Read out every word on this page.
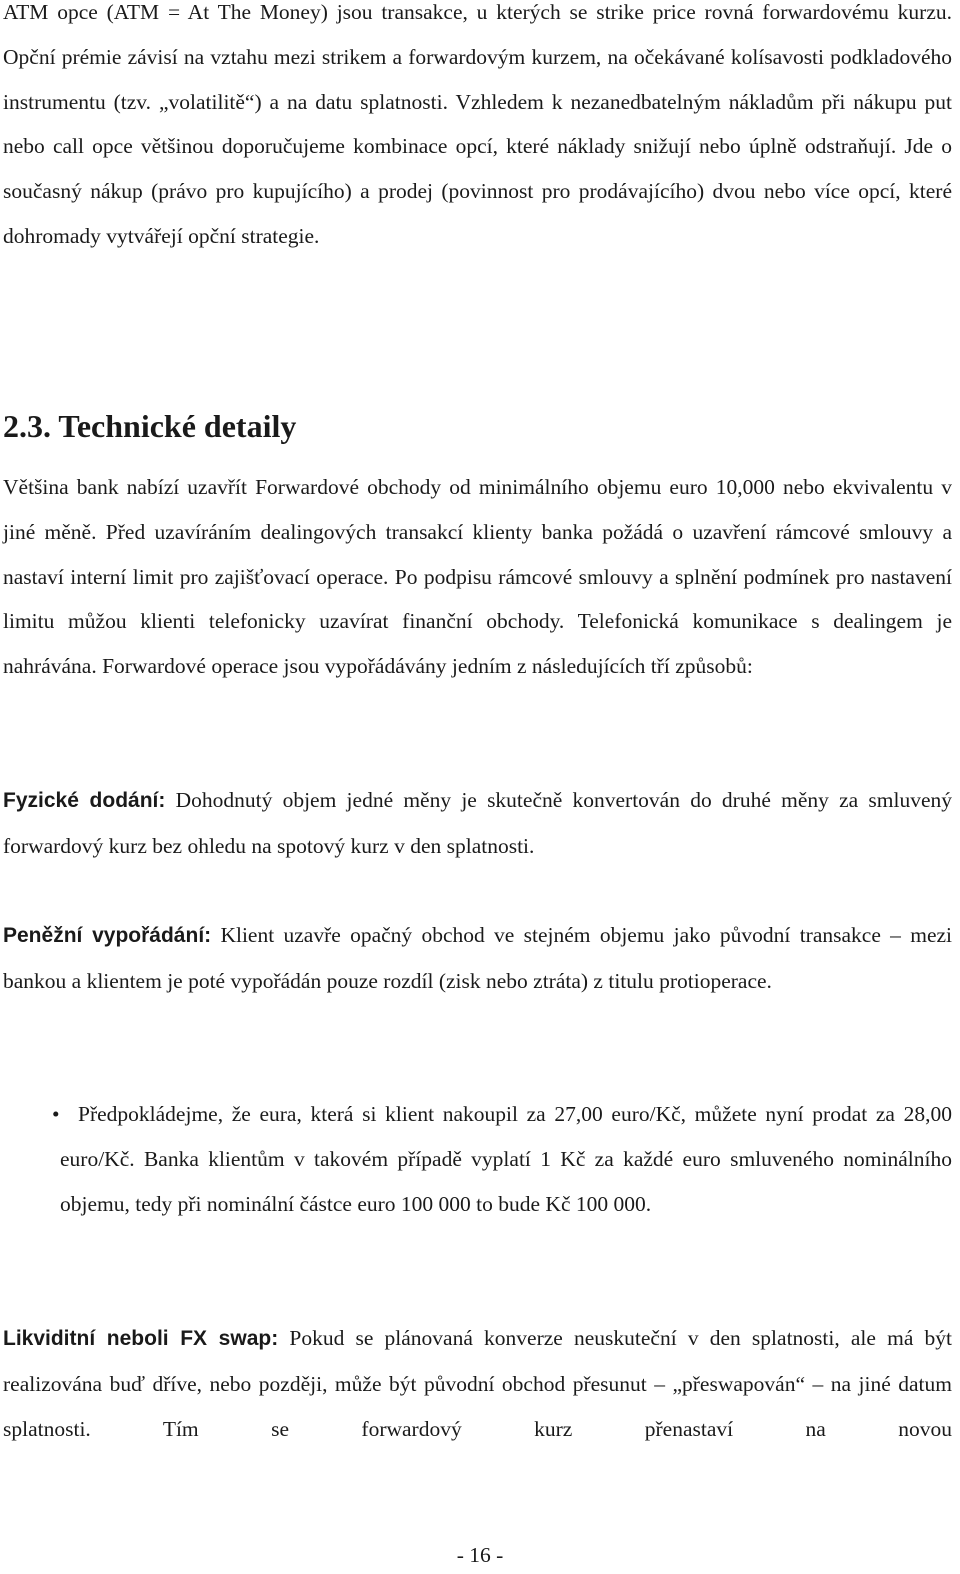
ATM opce (ATM = At The Money) jsou transakce, u kterých se strike price rovná forwardovému kurzu. Opční prémie závisí na vztahu mezi strikem a forwardovým kurzem, na očekávané kolísavosti podkladového instrumentu (tzv. „volatilitě“) a na datu splatnosti. Vzhledem k nezanedbatelným nákladům při nákupu put nebo call opce většinou doporučujeme kombinace opcí, které náklady snižují nebo úplně odstraňují. Jde o současný nákup (právo pro kupujícího) a prodej (povinnost pro prodávajícího) dvou nebo více opcí, které dohromady vytvářejí opční strategie.

2.3. Technické detaily

Většina bank nabízí uzavřít Forwardové obchody od minimálního objemu euro 10,000 nebo ekvivalentu v jiné měně. Před uzavíráním dealingových transakcí klienty banka požádá o uzavření rámcové smlouvy a nastaví interní limit pro zajišťovací operace. Po podpisu rámcové smlouvy a splnění podmínek pro nastavení limitu můžou klienti telefonicky uzavírat finanční obchody. Telefonická komunikace s dealingem je nahrávána. Forwardové operace jsou vypořádávány jedním z následujících tří způsobů:

Fyzické dodání: Dohodnutý objem jedné měny je skutečně konvertován do druhé měny za smluvený forwardový kurz bez ohledu na spotový kurz v den splatnosti.

Peněžní vypořádání: Klient uzavře opačný obchod ve stejném objemu jako původní transakce – mezi bankou a klientem je poté vypořádán pouze rozdíl (zisk nebo ztráta) z titulu protioperace.

• Předpokládejme, že eura, která si klient nakoupil za 27,00 euro/Kč, můžete nyní prodat za 28,00 euro/Kč. Banka klientům v takovém případě vyplatí 1 Kč za každé euro smluveného nominálního objemu, tedy při nominální částce euro 100 000 to bude Kč 100 000.

Likviditní neboli FX swap: Pokud se plánovaná konverze neuskuteční v den splatnosti, ale má být realizována buď dříve, nebo později, může být původní obchod přesunut – „přeswapován“ – na jiné datum splatnosti. Tím se forwardový kurz přenastaví na novou

- 16 -
